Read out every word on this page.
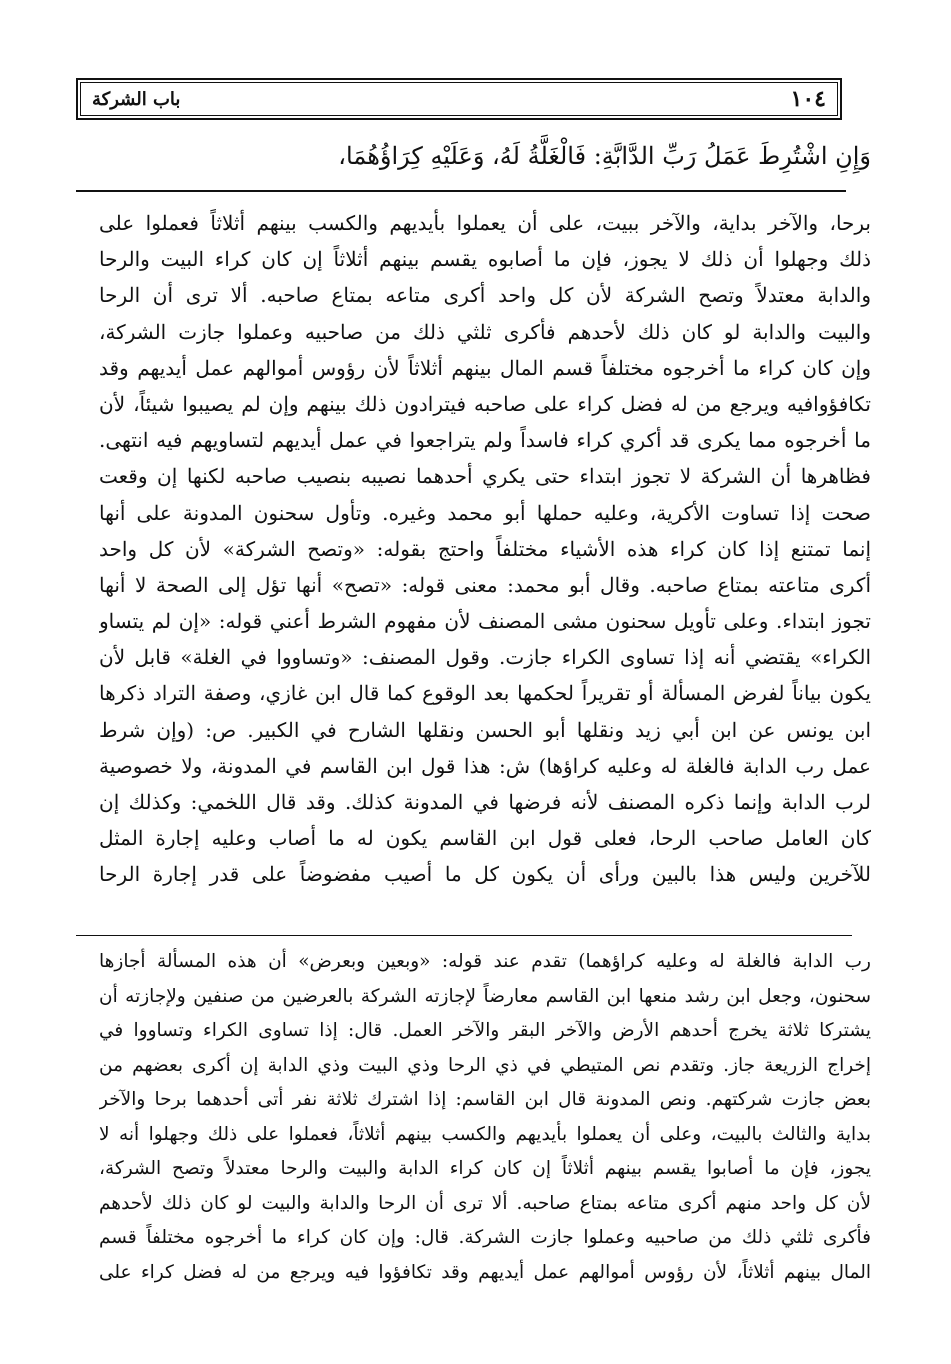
١٠٤
باب الشركة
وَإِنِ اشْتُرِطَ عَمَلُ رَبِّ الدَّابَّةِ: فَالْغَلَّةُ لَهُ، وَعَلَيْهِ كِرَاؤُهُمَا،
برحا، والآخر بداية، والآخر ببيت، على أن يعملوا بأيديهم والكسب بينهم أثلاثاً فعملوا على
ذلك وجهلوا أن ذلك لا يجوز، فإن ما أصابوه يقسم بينهم أثلاثاً إن كان كراء البيت والرحا
والدابة معتدلاً وتصح الشركة لأن كل واحد أكرى متاعه بمتاع صاحبه. ألا ترى أن الرحا
والبيت والدابة لو كان ذلك لأحدهم فأكرى ثلثي ذلك من صاحبيه وعملوا جازت الشركة،
وإن كان كراء ما أخرجوه مختلفاً قسم المال بينهم أثلاثاً لأن رؤوس أموالهم عمل أيديهم وقد
تكافؤوافيه ويرجع من له فضل كراء على صاحبه فيترادون ذلك بينهم وإن لم يصيبوا شيئاً، لأن
ما أخرجوه مما يكرى قد أكري كراء فاسداً ولم يتراجعوا في عمل أيديهم لتساويهم فيه انتهى.
فظاهرها أن الشركة لا تجوز ابتداء حتى يكري أحدهما نصيبه بنصيب صاحبه لكنها إن وقعت
صحت إذا تساوت الأكرية، وعليه حملها أبو محمد وغيره. وتأول سحنون المدونة على أنها
إنما تمتنع إذا كان كراء هذه الأشياء مختلفاً واحتج بقوله: «وتصح الشركة» لأن كل واحد
أكرى متاعته بمتاع صاحبه. وقال أبو محمد: معنى قوله: «تصح» أنها تؤل إلى الصحة لا أنها
تجوز ابتداء. وعلى تأويل سحنون مشى المصنف لأن مفهوم الشرط أعني قوله: «إن لم يتساو
الكراء» يقتضي أنه إذا تساوى الكراء جازت. وقول المصنف: «وتساووا في الغلة» قابل لأن
يكون بياناً لفرض المسألة أو تقريراً لحكمها بعد الوقوع كما قال ابن غازي، وصفة التراد ذكرها
ابن يونس عن ابن أبي زيد ونقلها أبو الحسن ونقلها الشارح في الكبير. ص: (وإن شرط
عمل رب الدابة فالغلة له وعليه كراؤها) ش: هذا قول ابن القاسم في المدونة، ولا خصوصية
لرب الدابة وإنما ذكره المصنف لأنه فرضها في المدونة كذلك. وقد قال اللخمي: وكذلك إن
كان العامل صاحب الرحا، فعلى قول ابن القاسم يكون له ما أصاب وعليه إجارة المثل
للآخرين وليس هذا بالبين ورأى أن يكون كل ما أصيب مفضوضاً على قدر إجارة الرحا
رب الدابة فالغلة له وعليه كراؤهما) تقدم عند قوله: «وبعين وبعرض» أن هذه المسألة أجازها
سحنون، وجعل ابن رشد منعها ابن القاسم معارضاً لإجازته الشركة بالعرضين من صنفين ولإجازته أن
يشتركا ثلاثة يخرج أحدهم الأرض والآخر البقر والآخر العمل. قال: إذا تساوى الكراء وتساووا في
إخراج الزريعة جاز. وتقدم نص المتيطي في ذي الرحا وذي البيت وذي الدابة إن أكرى بعضهم من
بعض جازت شركتهم. ونص المدونة قال ابن القاسم: إذا اشترك ثلاثة نفر أتى أحدهما برحا والآخر
بداية والثالث بالبيت، وعلى أن يعملوا بأيديهم والكسب بينهم أثلاثاً، فعملوا على ذلك وجهلوا أنه لا
يجوز، فإن ما أصابوا يقسم بينهم أثلاثاً إن كان كراء الدابة والبيت والرحا معتدلاً وتصح الشركة،
لأن كل واحد منهم أكرى متاعه بمتاع صاحبه. ألا ترى أن الرحا والدابة والبيت لو كان ذلك لأحدهم
فأكرى ثلثي ذلك من صاحبيه وعملوا جازت الشركة. قال: وإن كان كراء ما أخرجوه مختلفاً قسم
المال بينهم أثلاثاً، لأن رؤوس أموالهم عمل أيديهم وقد تكافؤوا فيه ويرجع من له فضل كراء على
